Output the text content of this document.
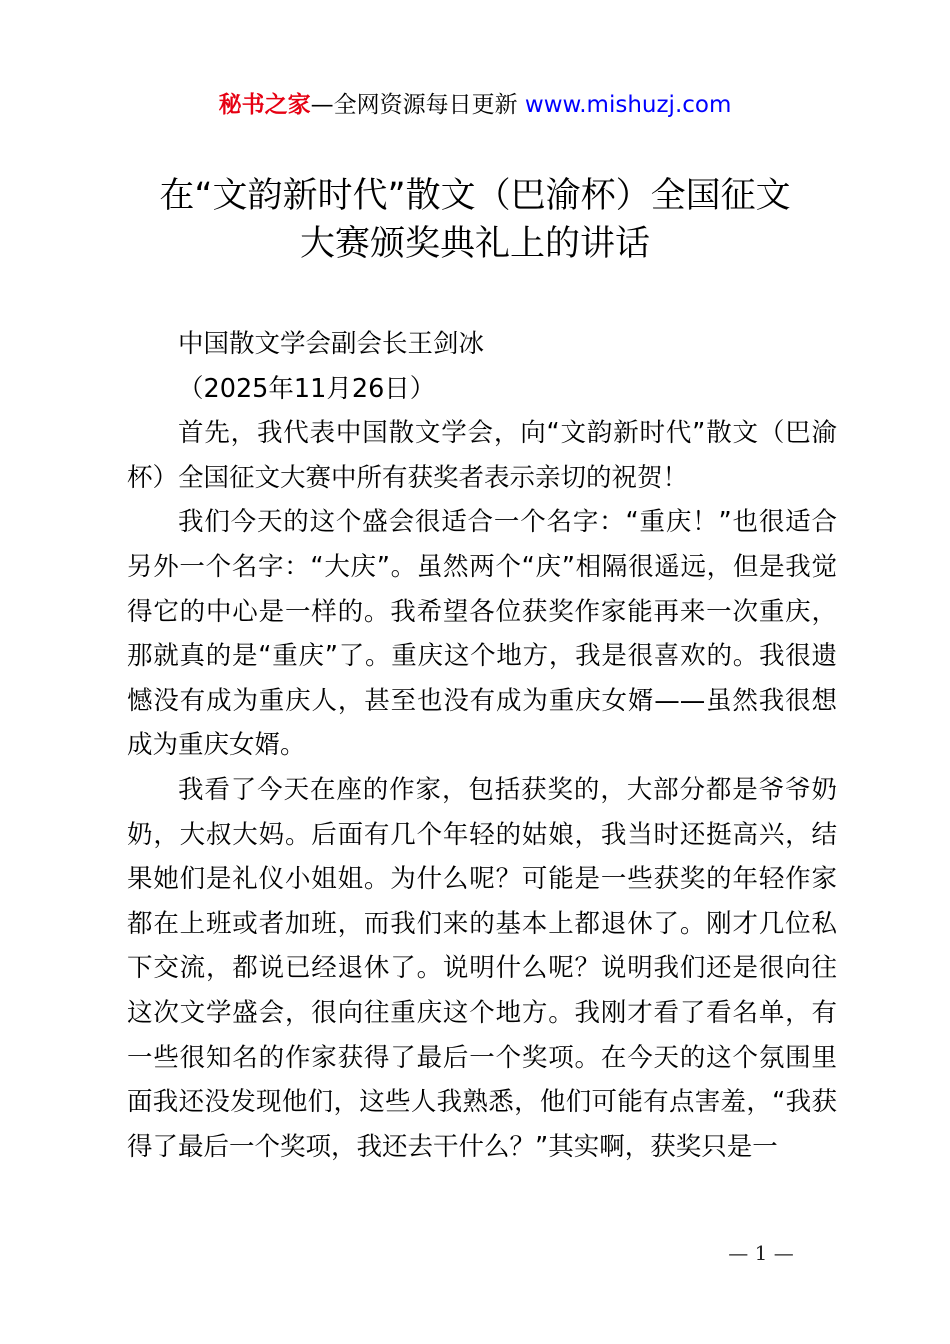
秘书之家—全网资源每日更新 www.mishuzj.com
在“文韵新时代”散文（巴渝杯）全国征文
大赛颁奖典礼上的讲话

中国散文学会副会长王剑冰

（2025年11月26日）

首先，我代表中国散文学会，向“文韵新时代”散文（巴渝杯）全国征文大赛中所有获奖者表示亲切的祝贺！

我们今天的这个盛会很适合一个名字：“重庆！”也很适合另外一个名字：“大庆”。虽然两个“庆”相隔很遥远，但是我觉得它的中心是一样的。我希望各位获奖作家能再来一次重庆，那就真的是“重庆”了。重庆这个地方，我是很喜欢的。我很遗憾没有成为重庆人，甚至也没有成为重庆女婿——虽然我很想成为重庆女婿。

我看了今天在座的作家，包括获奖的，大部分都是爷爷奶奶，大叔大妈。后面有几个年轻的姑娘，我当时还挺高兴，结果她们是礼仪小姐姐。为什么呢？可能是一些获奖的年轻作家都在上班或者加班，而我们来的基本上都退休了。刚才几位私下交流，都说已经退休了。说明什么呢？说明我们还是很向往这次文学盛会，很向往重庆这个地方。我刚才看了看名单，有一些很知名的作家获得了最后一个奖项。在今天的这个氛围里面我还没发现他们，这些人我熟悉，他们可能有点害羞，“我获得了最后一个奖项，我还去干什么？”其实啊，获奖只是一

— 1 —
